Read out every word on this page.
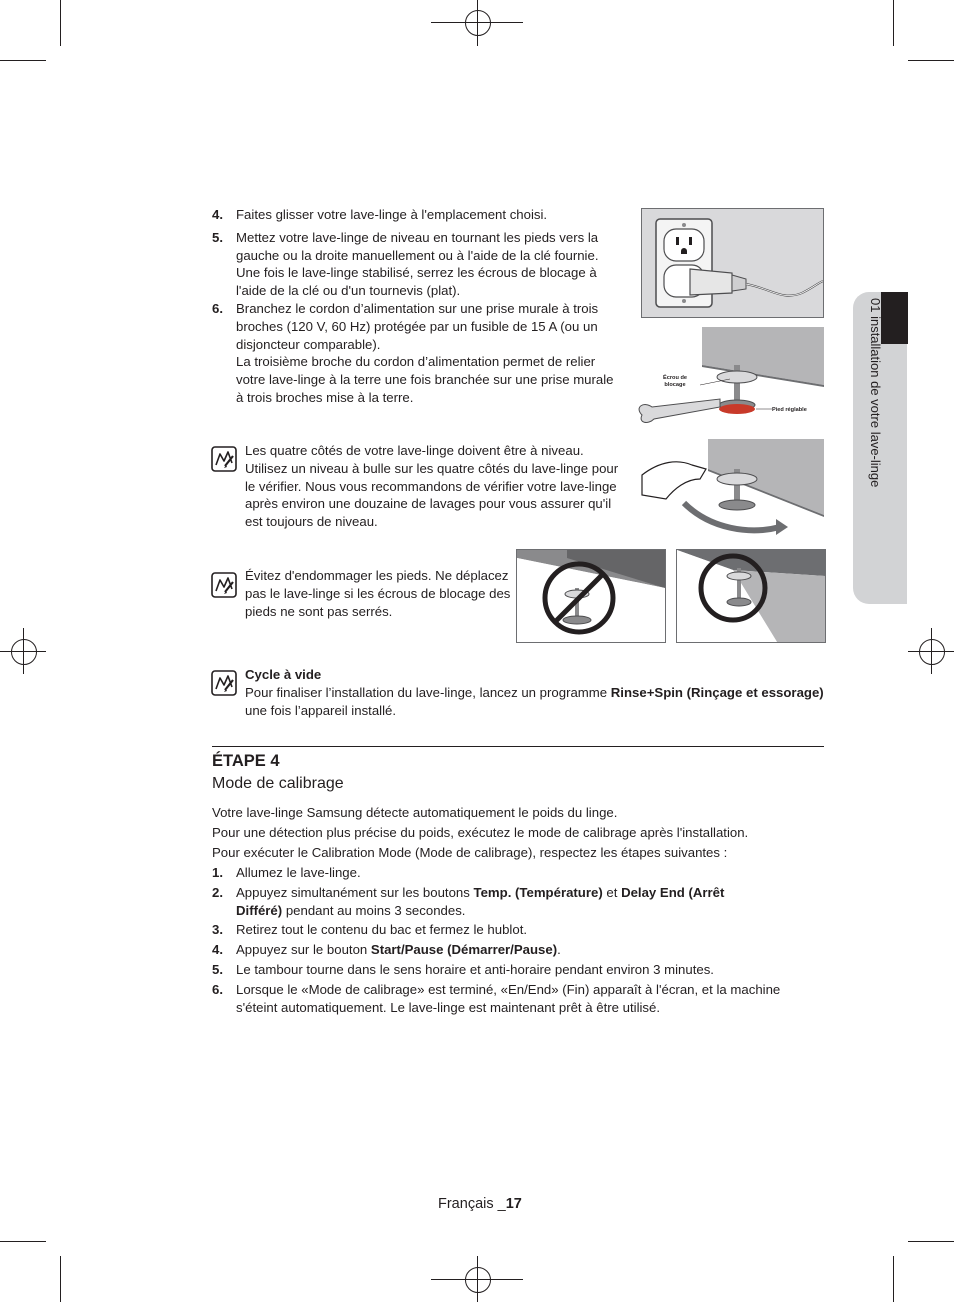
01 installation de votre lave-linge
4. Faites glisser votre lave-linge à l'emplacement choisi.
5. Mettez votre lave-linge de niveau en tournant les pieds vers la gauche ou la droite manuellement ou à l'aide de la clé fournie.
Une fois le lave-linge stabilisé, serrez les écrous de blocage à l'aide de la clé ou d'un tournevis (plat).
6. Branchez le cordon d’alimentation sur une prise murale à trois broches (120 V, 60 Hz) protégée par un fusible de 15 A (ou un disjoncteur comparable).
La troisième broche du cordon d’alimentation permet de relier votre lave-linge à la terre une fois branchée sur une prise murale à trois broches mise à la terre.
Les quatre côtés de votre lave-linge doivent être à niveau. Utilisez un niveau à bulle sur les quatre côtés du lave-linge pour le vérifier. Nous vous recommandons de vérifier votre lave-linge après environ une douzaine de lavages pour vous assurer qu'il est toujours de niveau.
Évitez d'endommager les pieds. Ne déplacez pas le lave-linge si les écrous de blocage des pieds ne sont pas serrés.
Cycle à vide
Pour finaliser l’installation du lave-linge, lancez un programme Rinse+Spin (Rinçage et essorage) une fois l’appareil installé.
Écrou de
blocage
Pied réglable
ÉTAPE 4
Mode de calibrage
Votre lave-linge Samsung détecte automatiquement le poids du linge.
Pour une détection plus précise du poids, exécutez le mode de calibrage après l'installation.
Pour exécuter le Calibration Mode (Mode de calibrage), respectez les étapes suivantes :
1. Allumez le lave-linge.
2. Appuyez simultanément sur les boutons Temp. (Température) et Delay End (Arrêt Différé) pendant au moins 3 secondes.
3. Retirez tout le contenu du bac et fermez le hublot.
4. Appuyez sur le bouton Start/Pause (Démarrer/Pause).
5. Le tambour tourne dans le sens horaire et anti-horaire pendant environ 3 minutes.
6. Lorsque le «Mode de calibrage» est terminé, «En/End» (Fin) apparaît à l'écran, et la machine s'éteint automatiquement. Le lave-linge est maintenant prêt à être utilisé.
Français _17
